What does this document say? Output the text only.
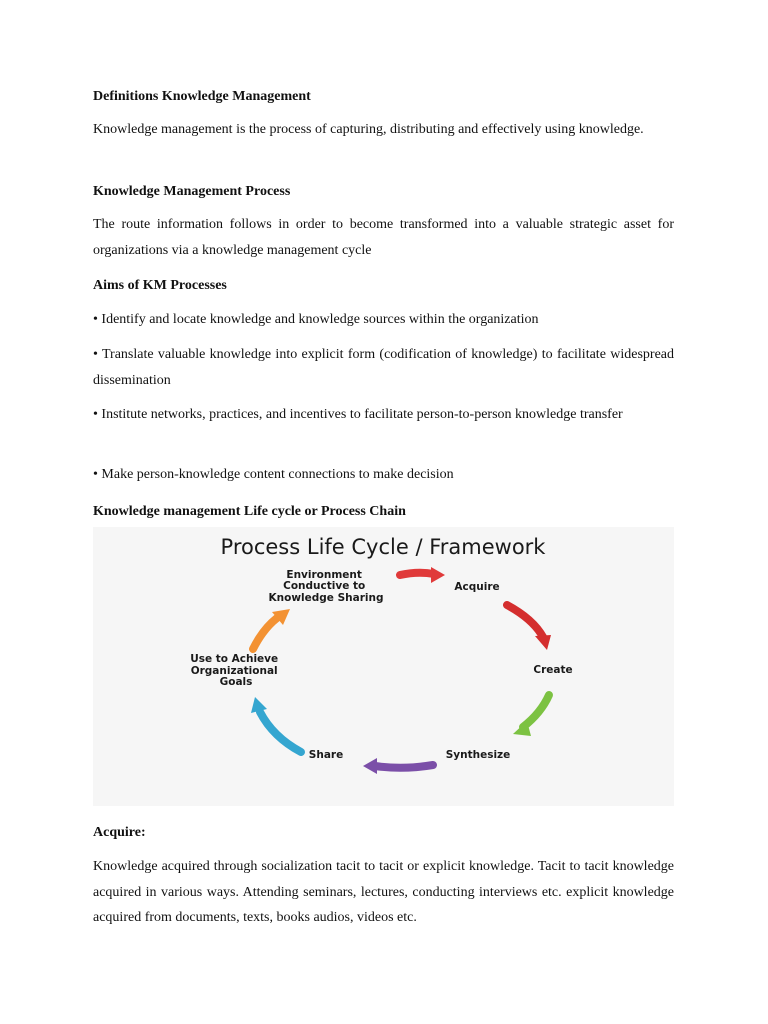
Definitions Knowledge Management
Knowledge management is the process of capturing, distributing and effectively using knowledge.
Knowledge Management Process
The route information follows in order to become transformed into a valuable strategic asset for organizations via a knowledge management cycle
Aims of KM Processes
• Identify and locate knowledge and knowledge sources within the organization
• Translate valuable knowledge into explicit form (codification of knowledge) to facilitate widespread dissemination
• Institute networks, practices, and incentives to facilitate person-to-person knowledge transfer
• Make person-knowledge content connections to make decision
Knowledge management Life cycle or Process Chain
Process Life Cycle / Framework
Environment Conductive to Knowledge Sharing
Acquire
Create
Synthesize
Share
Use to Achieve Organizational Goals
Acquire:
Knowledge acquired through socialization tacit to tacit or explicit knowledge. Tacit to tacit knowledge acquired in various ways. Attending seminars, lectures, conducting interviews etc. explicit knowledge acquired from documents, texts, books audios, videos etc.
